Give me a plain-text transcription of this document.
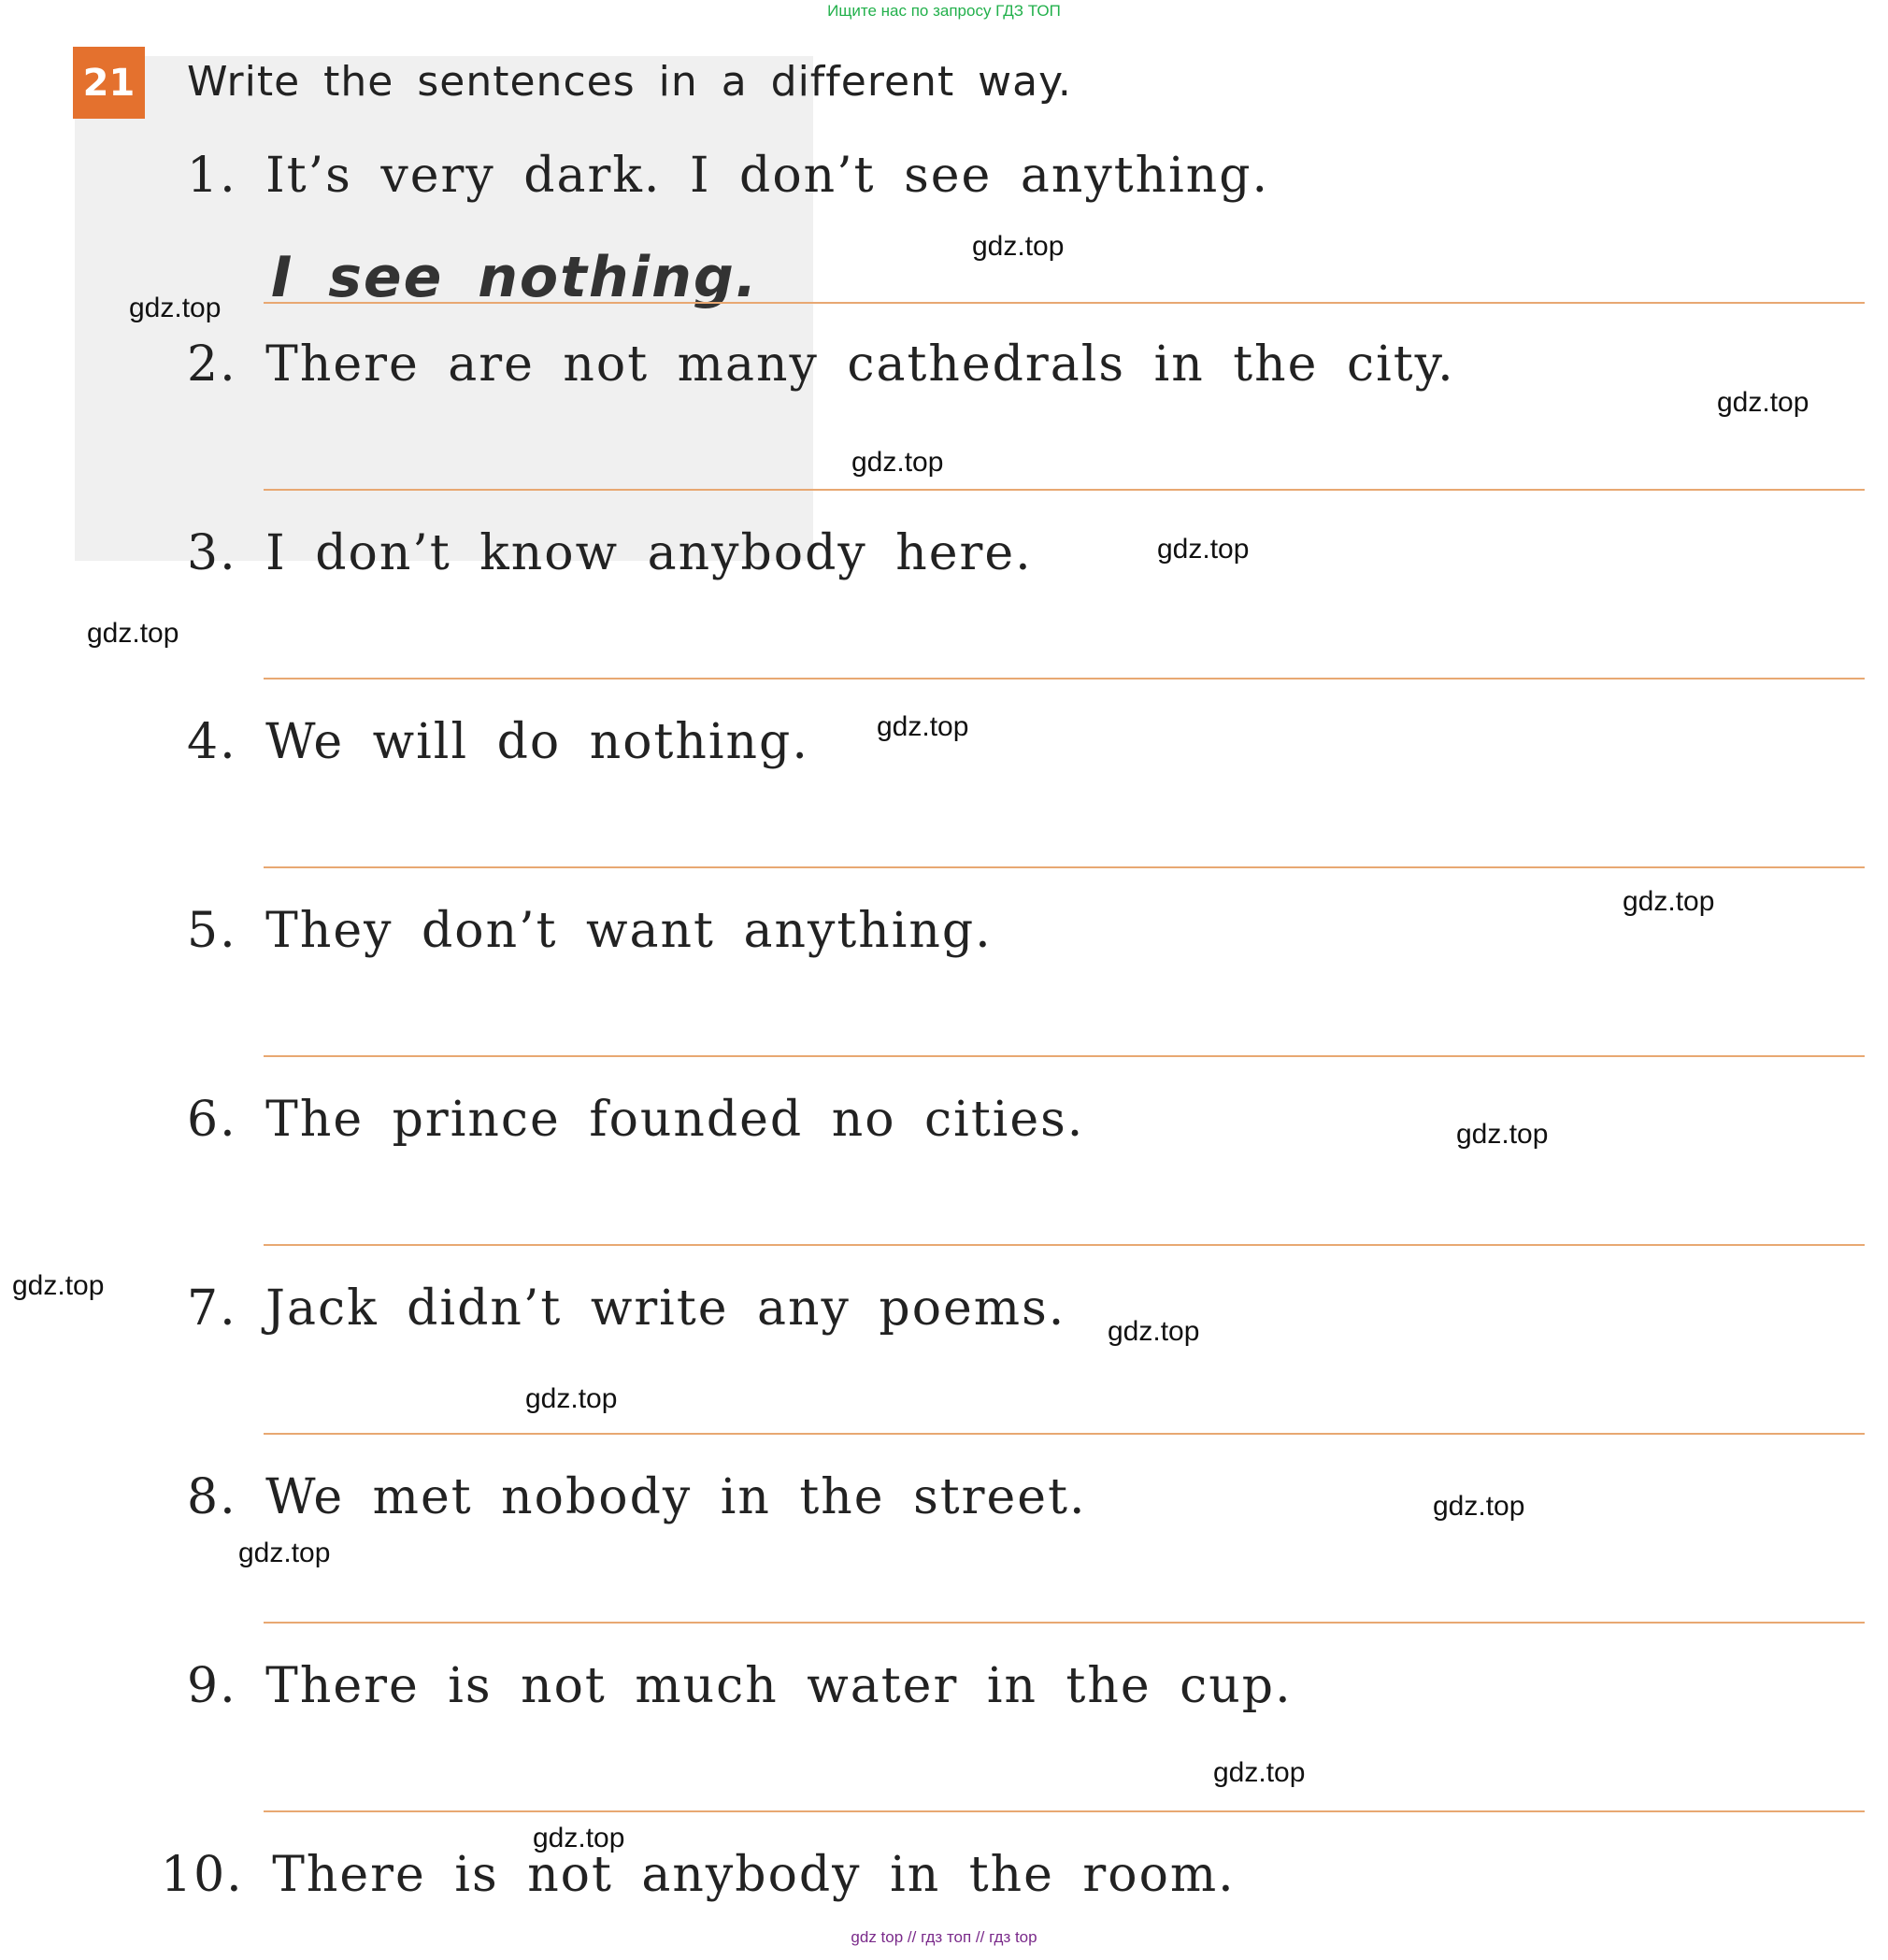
Ищите нас по запросу ГДЗ ТОП
21 Write the sentences in a different way.
1. It’s very dark. I don’t see anything.
I see nothing.
2. There are not many cathedrals in the city.
3. I don’t know anybody here.
4. We will do nothing.
5. They don’t want anything.
6. The prince founded no cities.
7. Jack didn’t write any poems.
8. We met nobody in the street.
9. There is not much water in the cup.
10. There is not anybody in the room.
gdz.top
gdz.top
gdz.top
gdz.top
gdz.top
gdz.top
gdz.top
gdz.top
gdz.top
gdz.top
gdz.top
gdz.top
gdz.top
gdz.top
gdz.top
gdz.top
gdz top // гдз топ // гдз top
